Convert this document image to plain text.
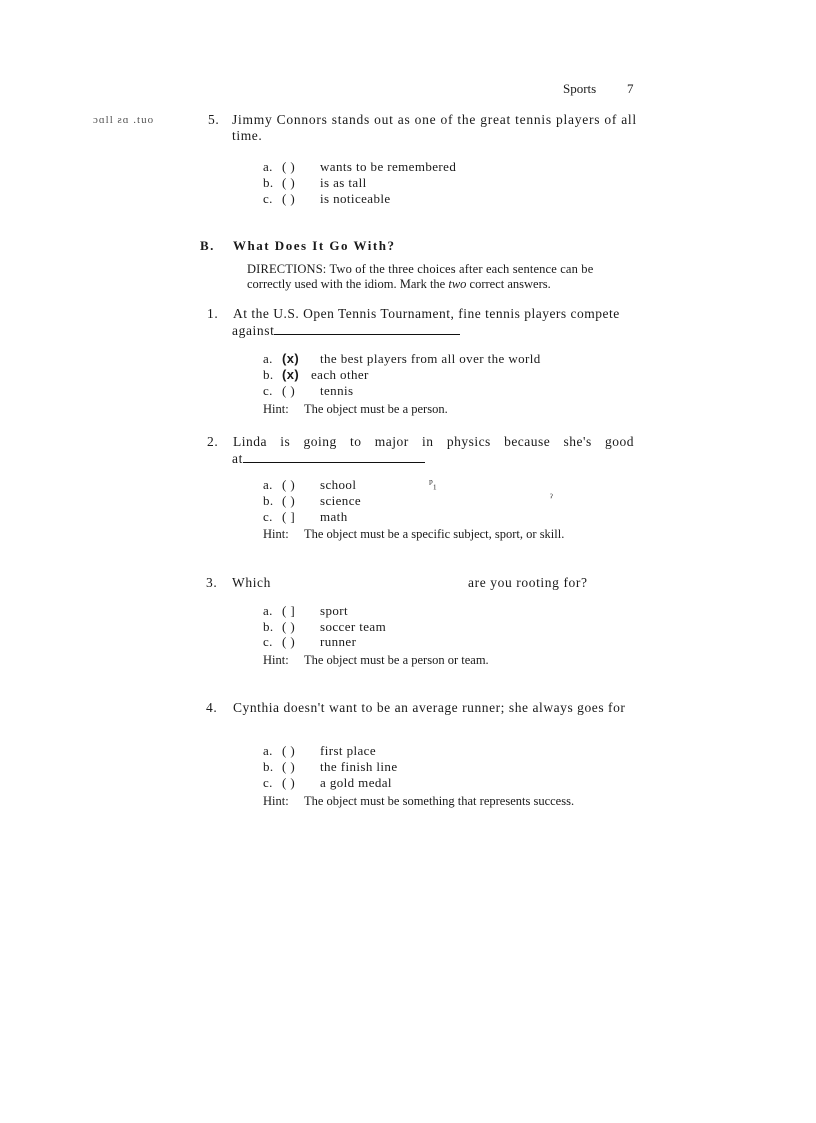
Sports 7
ɔɑll ƨɑ .tuo	5. Jimmy Connors stands out as one of the great tennis players of all
time.
a. ( ) wants to be remembered
b. ( ) is as tall
c. ( ) is noticeable
B. What Does It Go With?
DIRECTIONS: Two of the three choices after each sentence can be
correctly used with the idiom. Mark the two correct answers.
1. At the U.S. Open Tennis Tournament, fine tennis players compete
against
a. (x) the best players from all over the world
b. (x) each other
c. ( ) tennis
Hint: The object must be a person.
2. Linda is going to major in physics because she's good
at
a. ( ) school	ᵖ₁
b. ( ) science	ˀ
c. ( ] math
Hint: The object must be a specific subject, sport, or skill.
3. Which	are you rooting for?
a. ( ] sport
b. ( ) soccer team
c. ( ) runner
Hint: The object must be a person or team.
4. Cynthia doesn't want to be an average runner; she always goes for
a. ( ) first place
b. ( ) the finish line
c. ( ) a gold medal
Hint: The object must be something that represents success.
